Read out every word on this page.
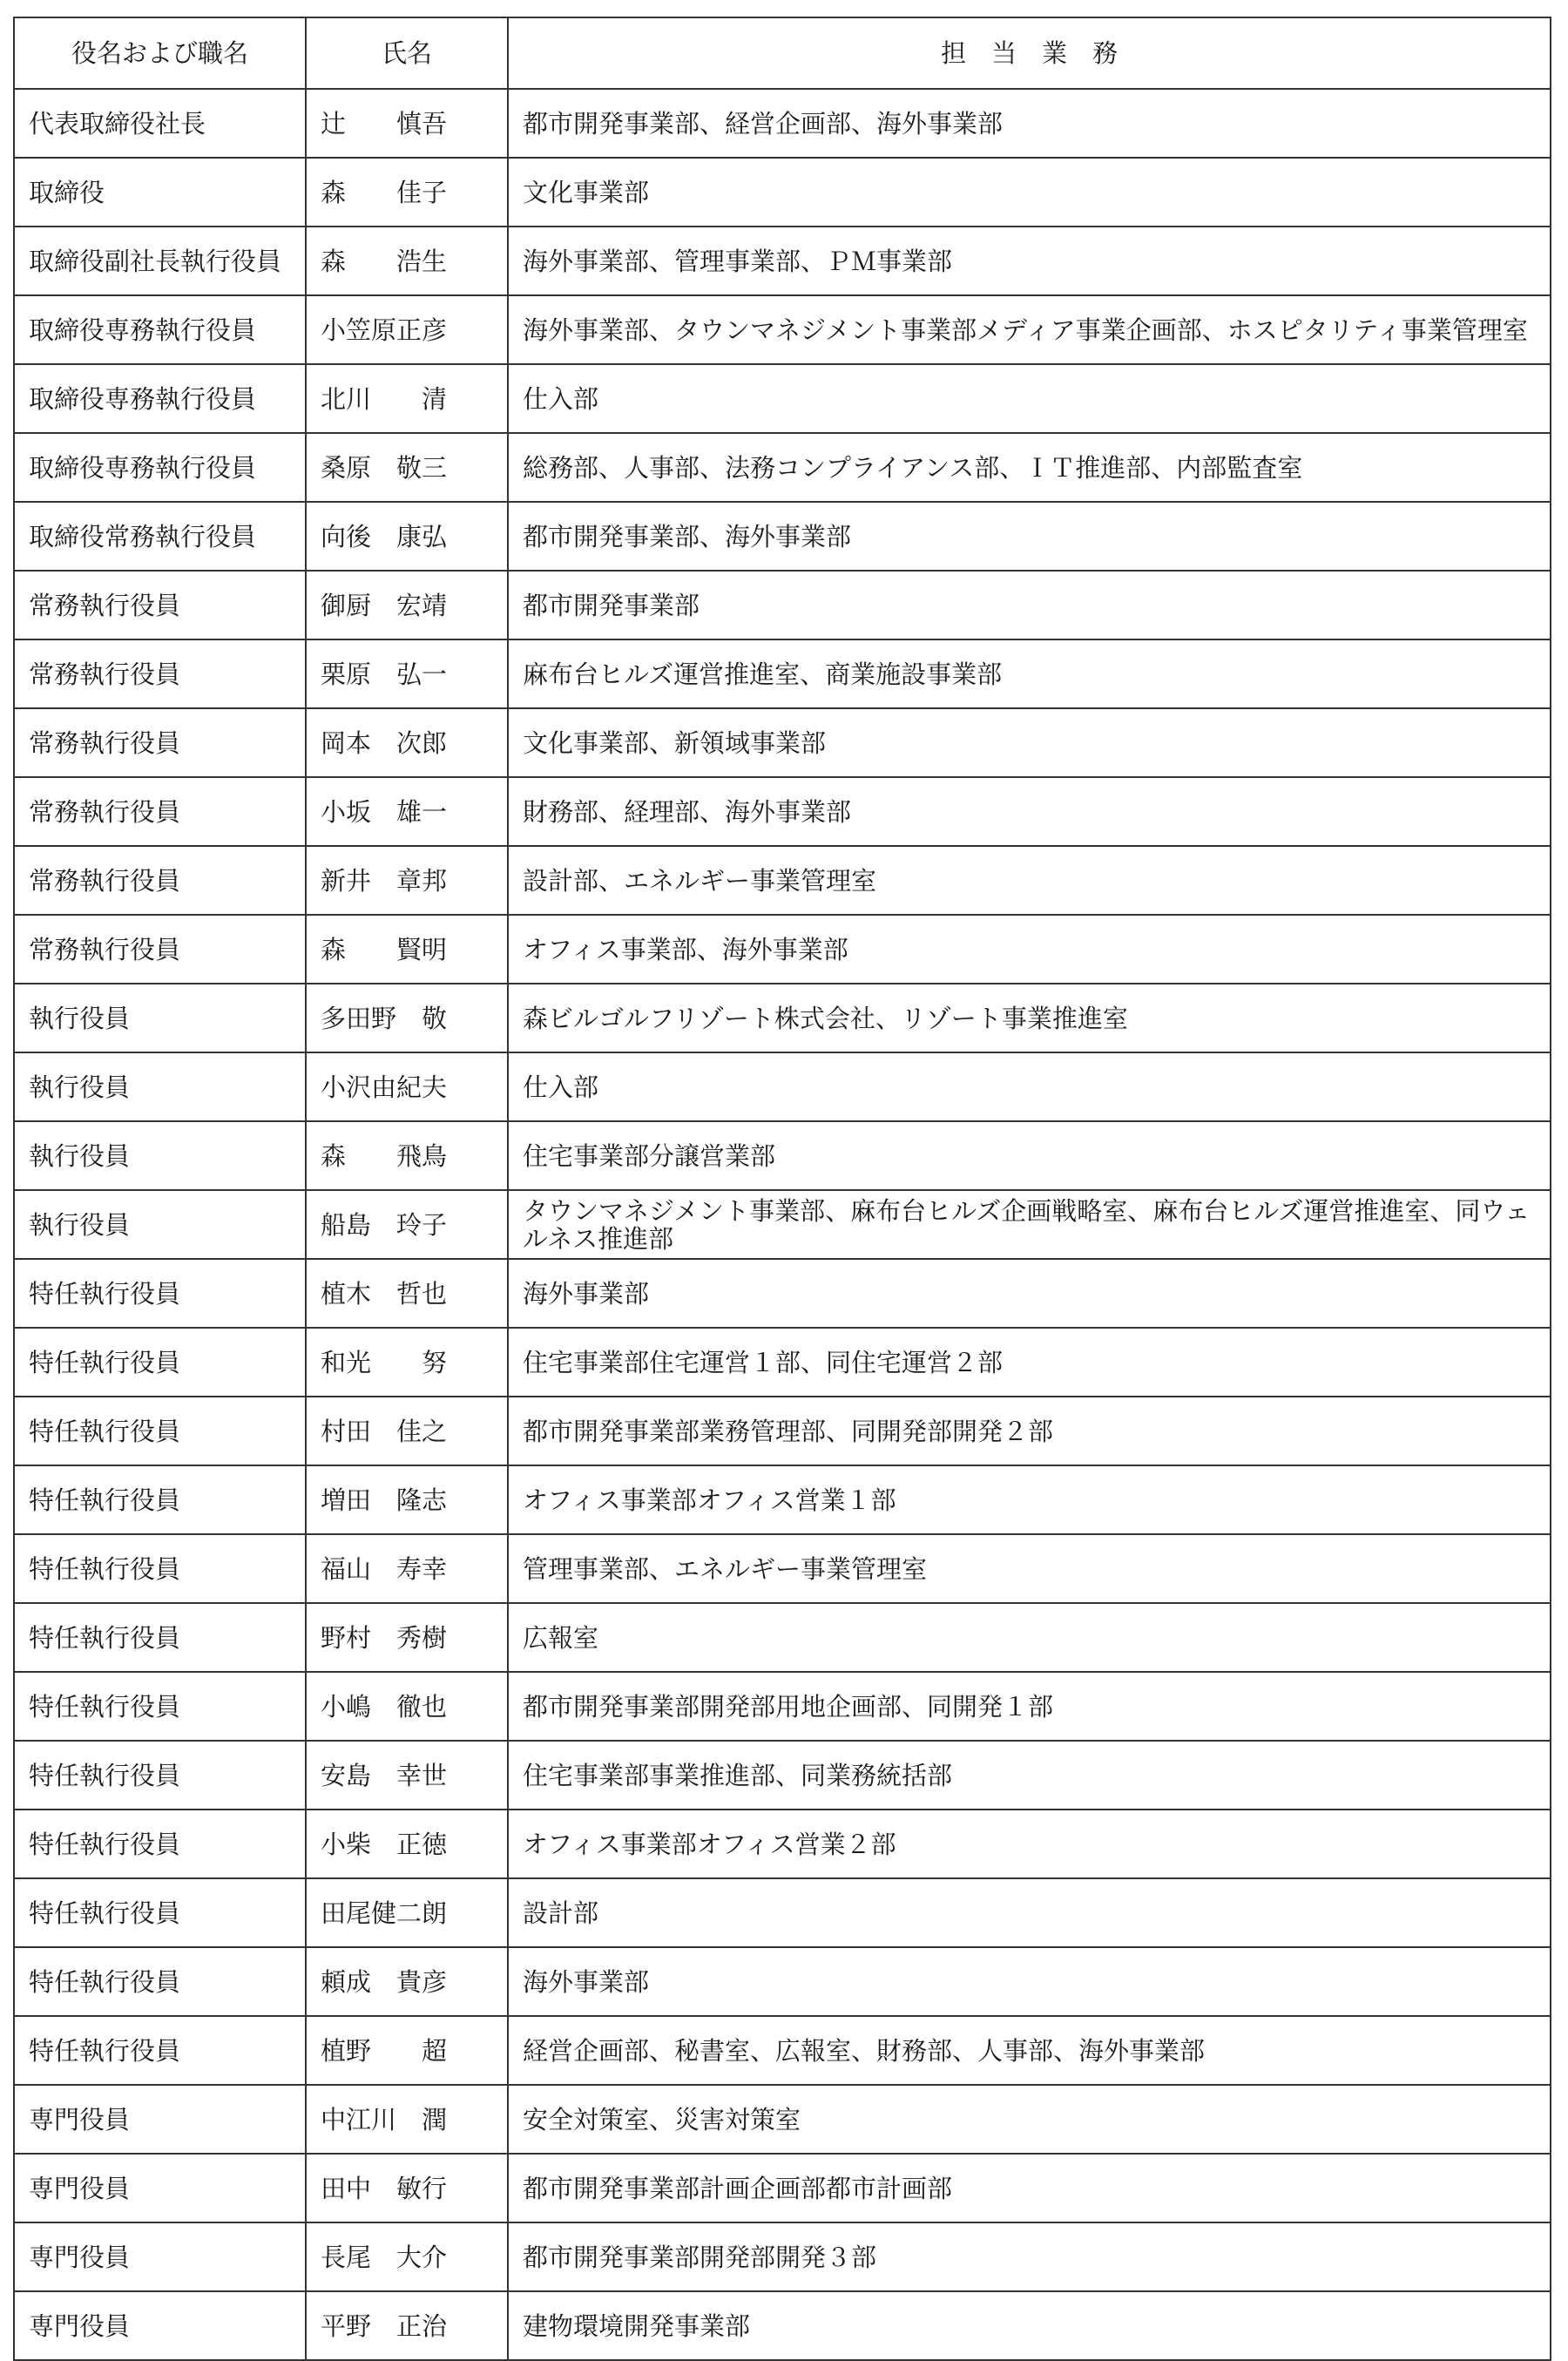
役名および職名	氏名	担　当　業　務
代表取締役社長	辻　　慎吾	都市開発事業部、経営企画部、海外事業部
取締役	森　　佳子	文化事業部
取締役副社長執行役員	森　　浩生	海外事業部、管理事業部、ＰＭ事業部
取締役専務執行役員	小笠原正彦	海外事業部、タウンマネジメント事業部メディア事業企画部、ホスピタリティ事業管理室
取締役専務執行役員	北川　　清	仕入部
取締役専務執行役員	桑原　敬三	総務部、人事部、法務コンプライアンス部、ＩＴ推進部、内部監査室
取締役常務執行役員	向後　康弘	都市開発事業部、海外事業部
常務執行役員	御厨　宏靖	都市開発事業部
常務執行役員	栗原　弘一	麻布台ヒルズ運営推進室、商業施設事業部
常務執行役員	岡本　次郎	文化事業部、新領域事業部
常務執行役員	小坂　雄一	財務部、経理部、海外事業部
常務執行役員	新井　章邦	設計部、エネルギー事業管理室
常務執行役員	森　　賢明	オフィス事業部、海外事業部
執行役員	多田野　敬	森ビルゴルフリゾート株式会社、リゾート事業推進室
執行役員	小沢由紀夫	仕入部
執行役員	森　　飛鳥	住宅事業部分譲営業部
執行役員	船島　玲子	タウンマネジメント事業部、麻布台ヒルズ企画戦略室、麻布台ヒルズ運営推進室、同ウェルネス推進部
特任執行役員	植木　哲也	海外事業部
特任執行役員	和光　　努	住宅事業部住宅運営１部、同住宅運営２部
特任執行役員	村田　佳之	都市開発事業部業務管理部、同開発部開発２部
特任執行役員	増田　隆志	オフィス事業部オフィス営業１部
特任執行役員	福山　寿幸	管理事業部、エネルギー事業管理室
特任執行役員	野村　秀樹	広報室
特任執行役員	小嶋　徹也	都市開発事業部開発部用地企画部、同開発１部
特任執行役員	安島　幸世	住宅事業部事業推進部、同業務統括部
特任執行役員	小柴　正徳	オフィス事業部オフィス営業２部
特任執行役員	田尾健二朗	設計部
特任執行役員	頼成　貴彦	海外事業部
特任執行役員	植野　　超	経営企画部、秘書室、広報室、財務部、人事部、海外事業部
専門役員	中江川　潤	安全対策室、災害対策室
専門役員	田中　敏行	都市開発事業部計画企画部都市計画部
専門役員	長尾　大介	都市開発事業部開発部開発３部
専門役員	平野　正治	建物環境開発事業部
